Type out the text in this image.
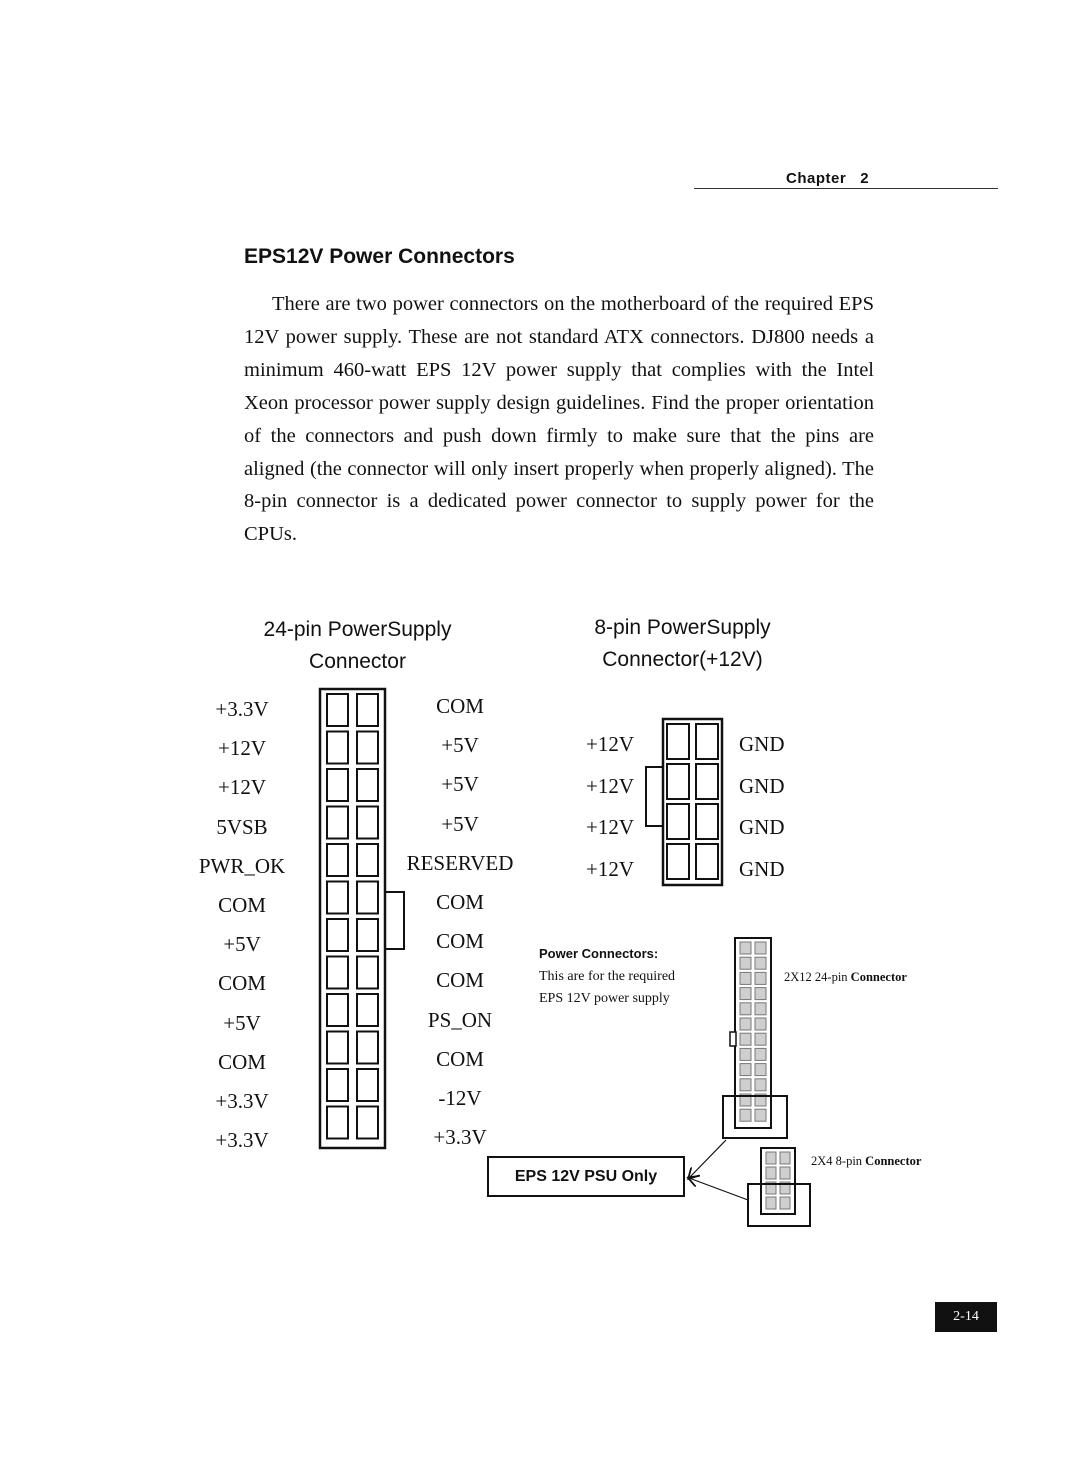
Chapter 2
EPS12V Power Connectors

There are two power connectors on the motherboard of the required EPS 12V power supply. These are not standard ATX connectors. DJ800 needs a minimum 460-watt EPS 12V power supply that complies with the Intel Xeon processor power supply design guidelines. Find the proper orientation of the connectors and push down firmly to make sure that the pins are aligned (the connector will only insert properly when properly aligned). The 8-pin connector is a dedicated power connector to supply power for the CPUs.

24-pin PowerSupply
Connector
8-pin PowerSupply
Connector(+12V)
+3.3V
+12V
+12V
5VSB
PWR_OK
COM
+5V
COM
+5V
COM
+3.3V
+3.3V
COM
+5V
+5V
+5V
RESERVED
COM
COM
COM
PS_ON
COM
-12V
+3.3V
+12V
+12V
+12V
+12V
GND
GND
GND
GND
Power Connectors:
This are for the required
EPS 12V power supply
2X12 24-pin Connector
2X4 8-pin Connector
EPS 12V PSU Only
2-14
